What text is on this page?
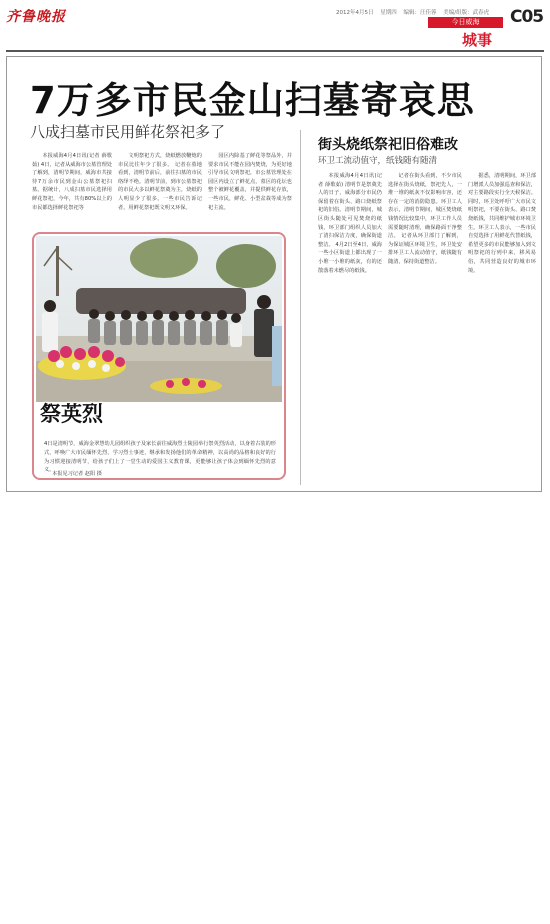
齐鲁晚报	2012年4月5日 星期四 编辑：汪佳蓉 美编/组版：武春虎
今日威海
城事
C05
7万多市民金山扫墓寄哀思
八成扫墓市民用鲜花祭祀多了

本报威海4月4日讯(记者 薛歌茹) 4日，记者从威海市公墓管理处了解到，清明节期间，威海市共接待7万余市民到金山公墓祭祀扫墓。据统计，八成扫墓市民选择用鲜花祭祀，今年，共有80%以上的市民都选择鲜花祭祀等

文明祭祀方式，烧纸燃放鞭炮的市民比往年少了很多。 记者在墓地看到，清明节前后，前往扫墓的市民络绎不绝。清明节前，到市公墓祭祀的市民大多以鲜花祭奠为主，烧纸的人明显少了很多。一些市民告诉记者，用鲜花祭祀既文明又环保。

园区内除基了鲜花等祭品外，并要求市民不能在园内焚烧，为更好地引导市民文明祭祀，市公墓管理处在园区内设立了鲜花点，墓区的花坛也整个被鲜花覆盖，并提供鲜花存放，一些市民，鲜花、小型盆栽等成为祭祀主流。

祭英烈
4日是清明节，威海金翠慧幼儿园组织孩子及家长前往威海烈士陵园举行祭英烈活动，以身着古装的形式，呼唤广大市民缅怀先烈，学习烈士事迹，继承和发扬他们的革命精神，以高尚的品格和良好的行为习惯迎接清明节，给孩子们上了一堂生动的爱国主义教育课，更能够让孩子体会到缅怀先烈的意义。
本报见习记者 赵阳 摄
街头烧纸祭祀旧俗难改
环卫工流动值守，纸钱随有随清

本报威海4月4日讯(记者 薛歌茹) 清明节是祭奠先人的日子，威海部分市民仍保留着在街头、路口烧纸祭祀的旧俗。清明节期间，城区街头随处可见焚烧的纸钱，环卫部门组织人员加大了清扫保洁力度，确保街道整洁。 4月2日至4日，威海一些小区街道上都出现了一小堆一小堆的纸灰，有的还散落着未燃尽的纸钱。

记者在街头看到，不少市民选择在街头烧纸，祭祀先人，一堆一堆的纸灰不仅影响市容，还存在一定的消防隐患。环卫工人表示，清明节期间，城区焚烧纸钱情况比较集中，环卫工作人员需要随时清理，确保路面干净整洁。 记者从环卫部门了解到，为保证城区环境卫生，环卫处安排环卫工人流动值守，纸钱随有随清，保持街道整洁。

据悉，清明期间，环卫部门增派人员加强巡查和保洁，对主要路段实行全天候保洁。同时，环卫处呼吁广大市民文明祭祀，不要在街头、路口焚烧纸钱，共同维护城市环境卫生。环卫工人表示，一些市民自觉选择了用鲜花代替纸钱，希望更多的市民能够加入到文明祭祀的行列中来，移风易俗，共同营造良好的城市环境。
